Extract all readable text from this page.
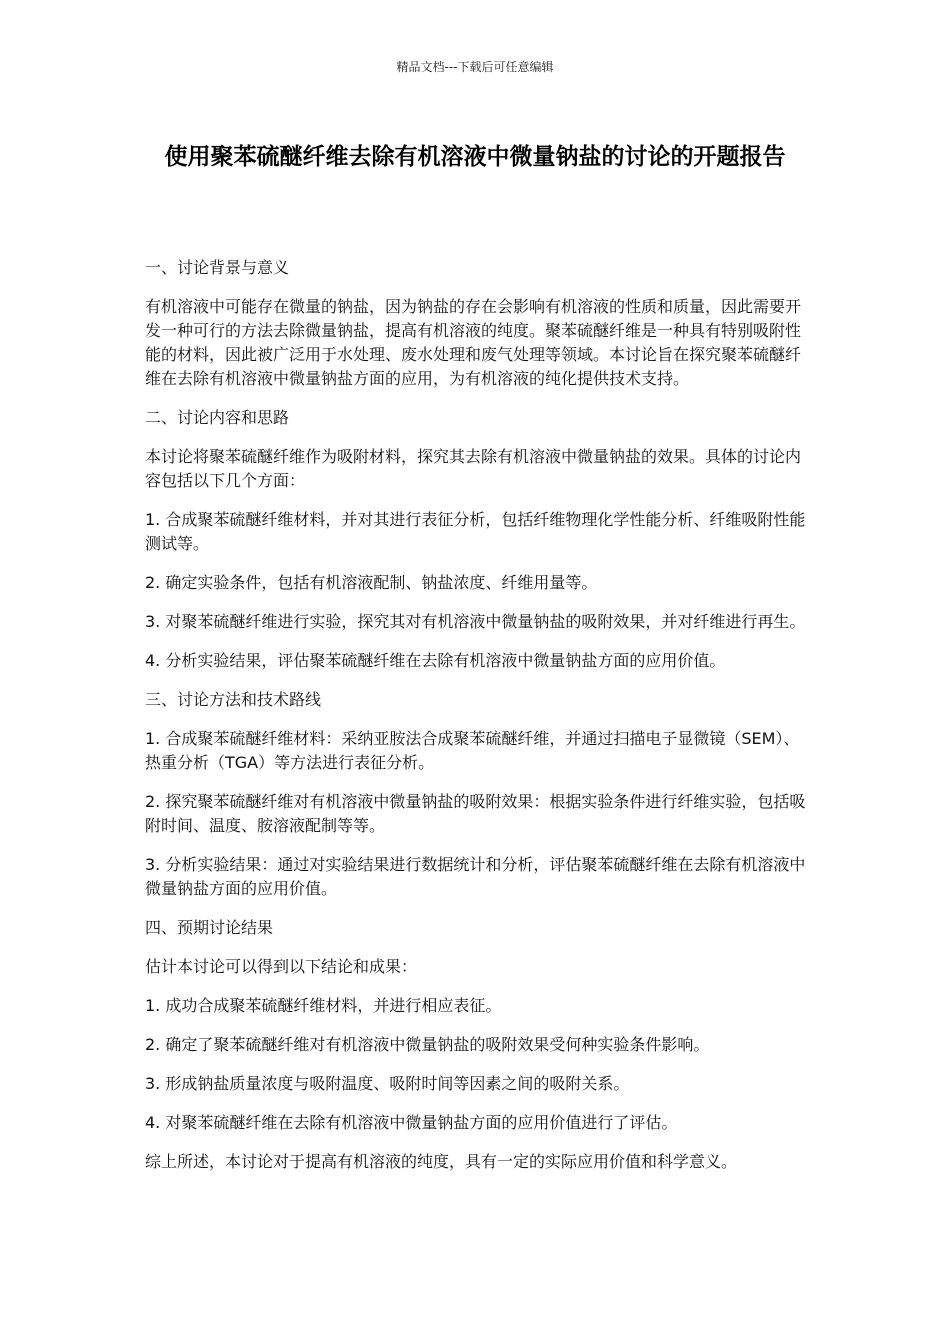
精品文档---下载后可任意编辑
使用聚苯硫醚纤维去除有机溶液中微量钠盐的讨论的开题报告

一、讨论背景与意义

有机溶液中可能存在微量的钠盐，因为钠盐的存在会影响有机溶液的性质和质量，因此需要开发一种可行的方法去除微量钠盐，提高有机溶液的纯度。聚苯硫醚纤维是一种具有特别吸附性能的材料，因此被广泛用于水处理、废水处理和废气处理等领域。本讨论旨在探究聚苯硫醚纤维在去除有机溶液中微量钠盐方面的应用，为有机溶液的纯化提供技术支持。

二、讨论内容和思路

本讨论将聚苯硫醚纤维作为吸附材料，探究其去除有机溶液中微量钠盐的效果。具体的讨论内容包括以下几个方面：

1. 合成聚苯硫醚纤维材料，并对其进行表征分析，包括纤维物理化学性能分析、纤维吸附性能测试等。

2. 确定实验条件，包括有机溶液配制、钠盐浓度、纤维用量等。

3. 对聚苯硫醚纤维进行实验，探究其对有机溶液中微量钠盐的吸附效果，并对纤维进行再生。

4. 分析实验结果，评估聚苯硫醚纤维在去除有机溶液中微量钠盐方面的应用价值。

三、讨论方法和技术路线

1. 合成聚苯硫醚纤维材料：采纳亚胺法合成聚苯硫醚纤维，并通过扫描电子显微镜（SEM）、热重分析（TGA）等方法进行表征分析。

2. 探究聚苯硫醚纤维对有机溶液中微量钠盐的吸附效果：根据实验条件进行纤维实验，包括吸附时间、温度、胺溶液配制等等。

3. 分析实验结果：通过对实验结果进行数据统计和分析，评估聚苯硫醚纤维在去除有机溶液中微量钠盐方面的应用价值。

四、预期讨论结果

估计本讨论可以得到以下结论和成果：

1. 成功合成聚苯硫醚纤维材料，并进行相应表征。

2. 确定了聚苯硫醚纤维对有机溶液中微量钠盐的吸附效果受何种实验条件影响。

3. 形成钠盐质量浓度与吸附温度、吸附时间等因素之间的吸附关系。

4. 对聚苯硫醚纤维在去除有机溶液中微量钠盐方面的应用价值进行了评估。

综上所述，本讨论对于提高有机溶液的纯度，具有一定的实际应用价值和科学意义。
